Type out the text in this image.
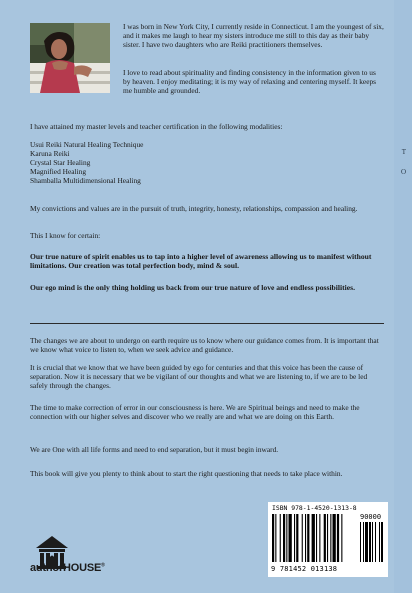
T
O

I was born in New York City, I currently reside in Connecticut. I am the youngest of six, and it makes me laugh to hear my sisters introduce me still to this day as their baby sister. I have two daughters who are Reiki practitioners themselves.

I love to read about spirituality and finding consistency in the information given to us by heaven. I enjoy meditating; it is my way of relaxing and centering myself. It keeps me humble and grounded.

I have attained my master levels and teacher certification in the following modalities:

Usui Reiki Natural Healing Technique
Karuna Reiki
Crystal Star Healing
Magnified Healing
Shamballa Multidimensional Healing

My convictions and values are in the pursuit of truth, integrity, honesty, relationships, compassion and healing.

This I know for certain:

Our true nature of spirit enables us to tap into a higher level of awareness allowing us to manifest without limitations. Our creation was total perfection body, mind & soul.

Our ego mind is the only thing holding us back from our true nature of love and endless possibilities.

The changes we are about to undergo on earth require us to know where our guidance comes from. It is important that we know what voice to listen to, when we seek advice and guidance.

It is crucial that we know that we have been guided by ego for centuries and that this voice has been the cause of separation. Now it is necessary that we be vigilant of our thoughts and what we are listening to, if we are to be led safely through the changes.

The time to make correction of error in our consciousness is here. We are Spiritual beings and need to make the connection with our higher selves and discover who we really are and what we are doing on this Earth.

We are One with all life forms and need to end separation, but it must begin inward.

This book will give you plenty to think about to start the right questioning that needs to take place within.

authorHOUSE®
ISBN 978-1-4520-1313-8
90000
9 781452 013138
